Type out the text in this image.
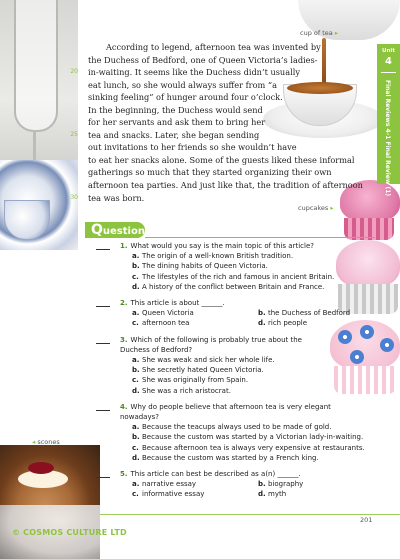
cup of tea ▸
cupcakes ▸
◂ scones
Unit
4
Final Reviews 4-1 Final Review (1)
According to legend, afternoon tea was invented by
the Duchess of Bedford, one of Queen Victoria’s ladies-
20 in-waiting. It seems like the Duchess didn’t usually
eat lunch, so she would always suffer from “a
sinking feeling” of hunger around four o’clock.
In the beginning, the Duchess would send
for her servants and ask them to bring her
25 tea and snacks. Later, she began sending
out invitations to her friends so she wouldn’t have
to eat her snacks alone. Some of the guests liked these informal
gatherings so much that they started organizing their own
afternoon tea parties. And just like that, the tradition of afternoon
30 tea was born.
Questions
1. What would you say is the main topic of this article?
a. The origin of a well-known British tradition.
b. The dining habits of Queen Victoria.
c. The lifestyles of the rich and famous in ancient Britain.
d. A history of the conflict between Britain and France.
2. This article is about ______.
a. Queen Victoria	b. the Duchess of Bedford
c. afternoon tea	d. rich people
3. Which of the following is probably true about the
Duchess of Bedford?
a. She was weak and sick her whole life.
b. She secretly hated Queen Victoria.
c. She was originally from Spain.
d. She was a rich aristocrat.
4. Why do people believe that afternoon tea is very elegant
nowadays?
a. Because the teacups always used to be made of gold.
b. Because the custom was started by a Victorian lady-in-waiting.
c. Because afternoon tea is always very expensive at restaurants.
d. Because the custom was started by a French king.
5. This article can best be described as a(n) ______.
a. narrative essay	b. biography
c. informative essay	d. myth
201
© COSMOS CULTURE LTD
